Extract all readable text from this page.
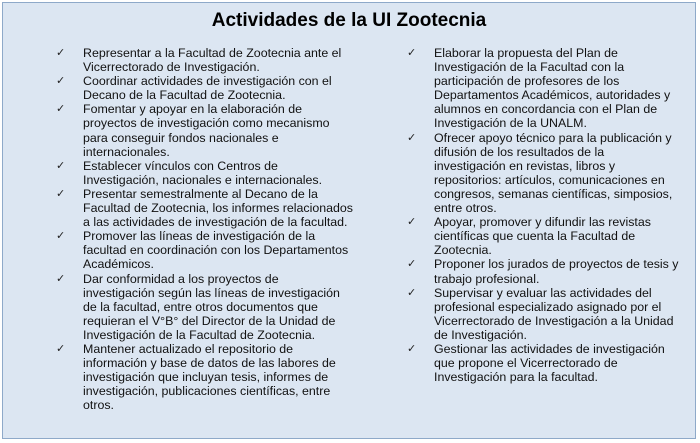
Actividades de la UI Zootecnia
✓ Representar a la Facultad de Zootecnia ante el Vicerrectorado de Investigación.
✓ Coordinar actividades de investigación con el Decano de la Facultad de Zootecnia.
✓ Fomentar y apoyar en la elaboración de proyectos de investigación como mecanismo para conseguir fondos nacionales e internacionales.
✓ Establecer vínculos con Centros de Investigación, nacionales e internacionales.
✓ Presentar semestralmente al Decano de la Facultad de Zootecnia, los informes relacionados a las actividades de investigación de la facultad.
✓ Promover las líneas de investigación de la facultad en coordinación con los Departamentos Académicos.
✓ Dar conformidad a los proyectos de investigación según las líneas de investigación de la facultad, entre otros documentos que requieran el V°B° del Director de la Unidad de Investigación de la Facultad de Zootecnia.
✓ Mantener actualizado el repositorio de información y base de datos de las labores de investigación que incluyan tesis, informes de investigación, publicaciones científicas, entre otros.
✓ Elaborar la propuesta del Plan de Investigación de la Facultad con la participación de profesores de los Departamentos Académicos, autoridades y alumnos en concordancia con el Plan de Investigación de la UNALM.
✓ Ofrecer apoyo técnico para la publicación y difusión de los resultados de la investigación en revistas, libros y repositorios: artículos, comunicaciones en congresos, semanas científicas, simposios, entre otros.
✓ Apoyar, promover y difundir las revistas científicas que cuenta la Facultad de Zootecnia.
✓ Proponer los jurados de proyectos de tesis y trabajo profesional.
✓ Supervisar y evaluar las actividades del profesional especializado asignado por el Vicerrectorado de Investigación a la Unidad de Investigación.
✓ Gestionar las actividades de investigación que propone el Vicerrectorado de Investigación para la facultad.
